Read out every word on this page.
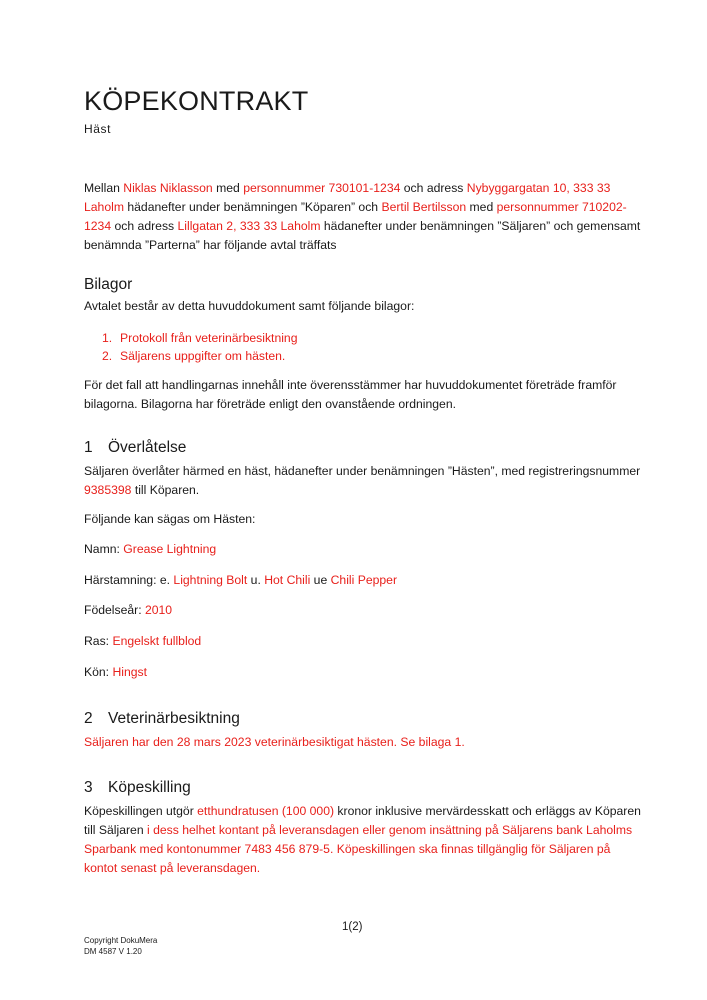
KÖPEKONTRAKT
Häst
Mellan Niklas Niklasson med personnummer 730101-1234 och adress Nybyggargatan 10, 333 33 Laholm hädanefter under benämningen ”Köparen” och Bertil Bertilsson med personnummer 710202-1234 och adress Lillgatan 2, 333 33 Laholm hädanefter under benämningen ”Säljaren” och gemensamt benämnda ”Parterna” har följande avtal träffats
Bilagor
Avtalet består av detta huvuddokument samt följande bilagor:
1. Protokoll från veterinärbesiktning
2. Säljarens uppgifter om hästen.
För det fall att handlingarnas innehåll inte överensstämmer har huvuddokumentet företräde framför bilagorna. Bilagorna har företräde enligt den ovanstående ordningen.
1 Överlåtelse
Säljaren överlåter härmed en häst, hädanefter under benämningen ”Hästen”, med registreringsnummer 9385398 till Köparen.
Följande kan sägas om Hästen:
Namn: Grease Lightning
Härstamning: e. Lightning Bolt u. Hot Chili ue Chili Pepper
Födelseår: 2010
Ras: Engelskt fullblod
Kön: Hingst
2 Veterinärbesiktning
Säljaren har den 28 mars 2023 veterinärbesiktigat hästen. Se bilaga 1.
3 Köpeskilling
Köpeskillingen utgör etthundratusen (100 000) kronor inklusive mervärdesskatt och erläggs av Köparen till Säljaren i dess helhet kontant på leveransdagen eller genom insättning på Säljarens bank Laholms Sparbank med kontonummer 7483 456 879-5. Köpeskillingen ska finnas tillgänglig för Säljaren på kontot senast på leveransdagen.
1(2)
Copyright DokuMera
DM 4587 V 1.20
